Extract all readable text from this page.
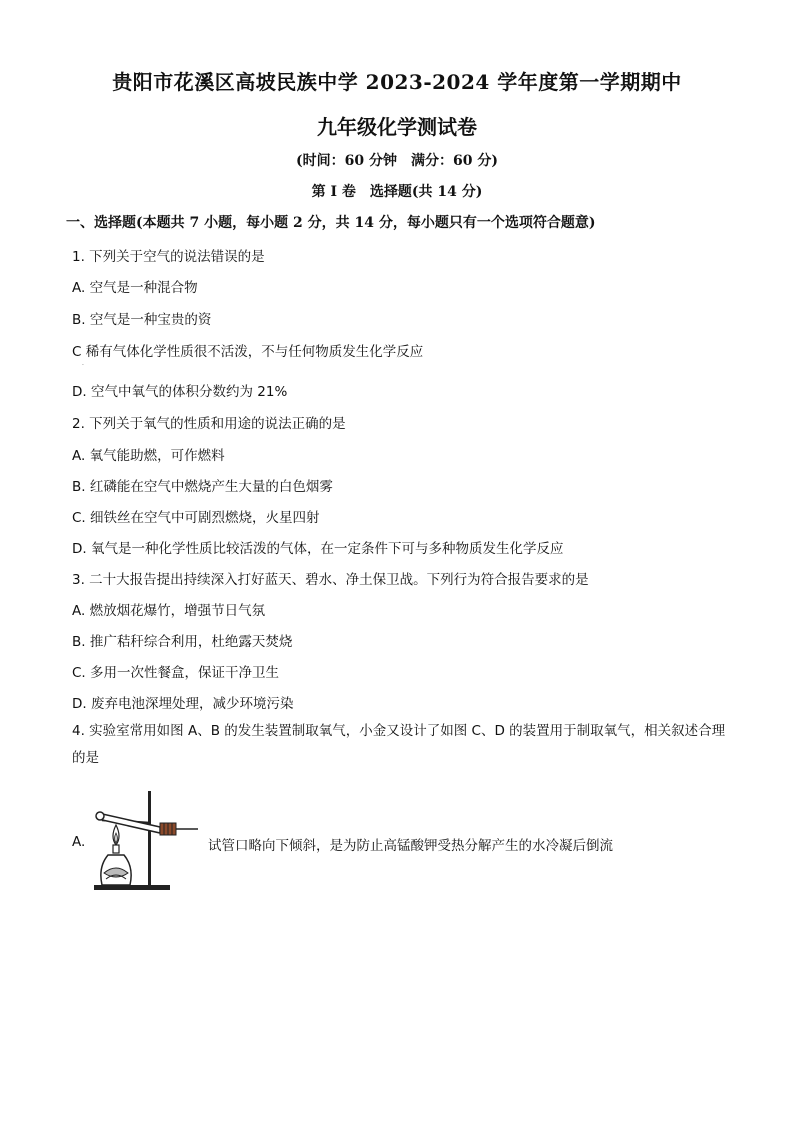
贵阳市花溪区高坡民族中学 2023-2024 学年度第一学期期中
九年级化学测试卷
(时间：60 分钟　满分：60 分)
第 I 卷　选择题(共 14 分)
一、选择题(本题共 7 小题，每小题 2 分，共 14 分，每小题只有一个选项符合题意)
1. 下列关于空气的说法错误的是
A. 空气是一种混合物
B. 空气是一种宝贵的资
C 稀有气体化学性质很不活泼，不与任何物质发生化学反应
.
D. 空气中氧气的体积分数约为 21%
2. 下列关于氧气的性质和用途的说法正确的是
A. 氧气能助燃，可作燃料
B. 红磷能在空气中燃烧产生大量的白色烟雾
C. 细铁丝在空气中可剧烈燃烧，火星四射
D. 氧气是一种化学性质比较活泼的气体，在一定条件下可与多种物质发生化学反应
3. 二十大报告提出持续深入打好蓝天、碧水、净土保卫战。下列行为符合报告要求的是
A. 燃放烟花爆竹，增强节日气氛
B. 推广秸秆综合利用，杜绝露天焚烧
C. 多用一次性餐盒，保证干净卫生
D. 废弃电池深埋处理，减少环境污染
4. 实验室常用如图 A、B 的发生装置制取氧气，小金又设计了如图 C、D 的装置用于制取氧气，相关叙述合理的是
A.	试管口略向下倾斜，是为防止高锰酸钾受热分解产生的水冷凝后倒流
